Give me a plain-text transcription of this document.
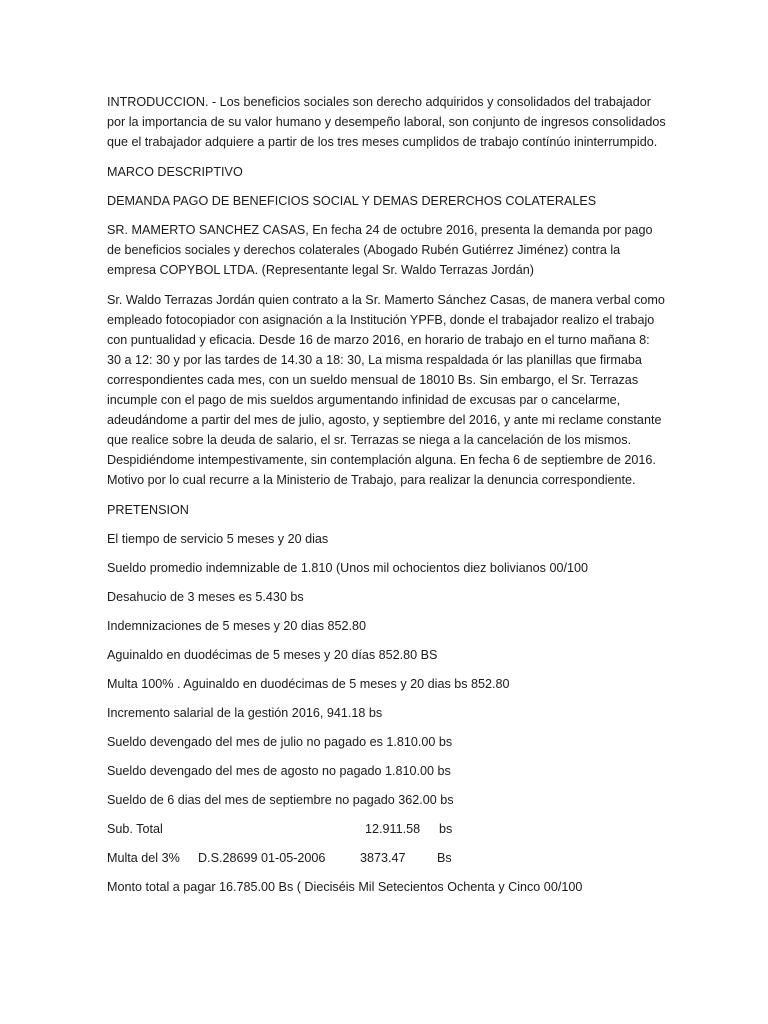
INTRODUCCION. - Los beneficios sociales son derecho adquiridos y consolidados del trabajador por la importancia de su valor humano y desempeño laboral, son conjunto de ingresos consolidados que el trabajador adquiere a partir de los tres meses cumplidos de trabajo contínúo ininterrumpido.

MARCO DESCRIPTIVO

DEMANDA PAGO DE BENEFICIOS SOCIAL Y DEMAS DERERCHOS COLATERALES

SR. MAMERTO SANCHEZ CASAS, En fecha 24 de octubre 2016, presenta la demanda por pago de beneficios sociales y derechos colaterales (Abogado Rubén Gutiérrez Jiménez) contra la empresa COPYBOL LTDA. (Representante legal Sr. Waldo Terrazas Jordán)

Sr. Waldo Terrazas Jordán quien contrato a la Sr. Mamerto Sánchez Casas, de manera verbal como empleado fotocopiador con asignación a la Institución YPFB, donde el trabajador realizo el trabajo con puntualidad y eficacia. Desde 16 de marzo 2016, en horario de trabajo en el turno mañana 8: 30 a 12: 30 y por las tardes de 14.30 a 18: 30, La misma respaldada ór las planillas que firmaba correspondientes cada mes, con un sueldo mensual de 18010 Bs. Sin embargo, el Sr. Terrazas incumple con el pago de mis sueldos argumentando infinidad de excusas par o cancelarme, adeudándome a partir del mes de julio, agosto, y septiembre del 2016, y ante mi reclame constante que realice sobre la deuda de salario, el sr. Terrazas se niega a la cancelación de los mismos. Despidiéndome intempestivamente, sin contemplación alguna. En fecha 6 de septiembre de 2016. Motivo por lo cual recurre a la Ministerio de Trabajo, para realizar la denuncia correspondiente.

PRETENSION

El tiempo de servicio 5 meses y 20 dias

Sueldo promedio indemnizable de 1.810 (Unos mil ochocientos diez bolivianos 00/100

Desahucio de 3 meses es 5.430 bs

Indemnizaciones de 5 meses y 20 dias 852.80

Aguinaldo en duodécimas de 5 meses y 20 días 852.80 BS

Multa 100% . Aguinaldo en duodécimas de 5 meses y 20 dias bs 852.80

Incremento salarial de la gestión 2016, 941.18 bs

Sueldo devengado del mes de julio no pagado es 1.810.00 bs

Sueldo devengado del mes de agosto no pagado 1.810.00 bs

Sueldo de 6 dias del mes de septiembre no pagado 362.00 bs

Sub. Total	12.911.58 bs
Multa del 3% D.S.28699 01-05-2006	3873.47 Bs

Monto total a pagar 16.785.00 Bs ( Dieciséis Mil Setecientos Ochenta y Cinco 00/100
